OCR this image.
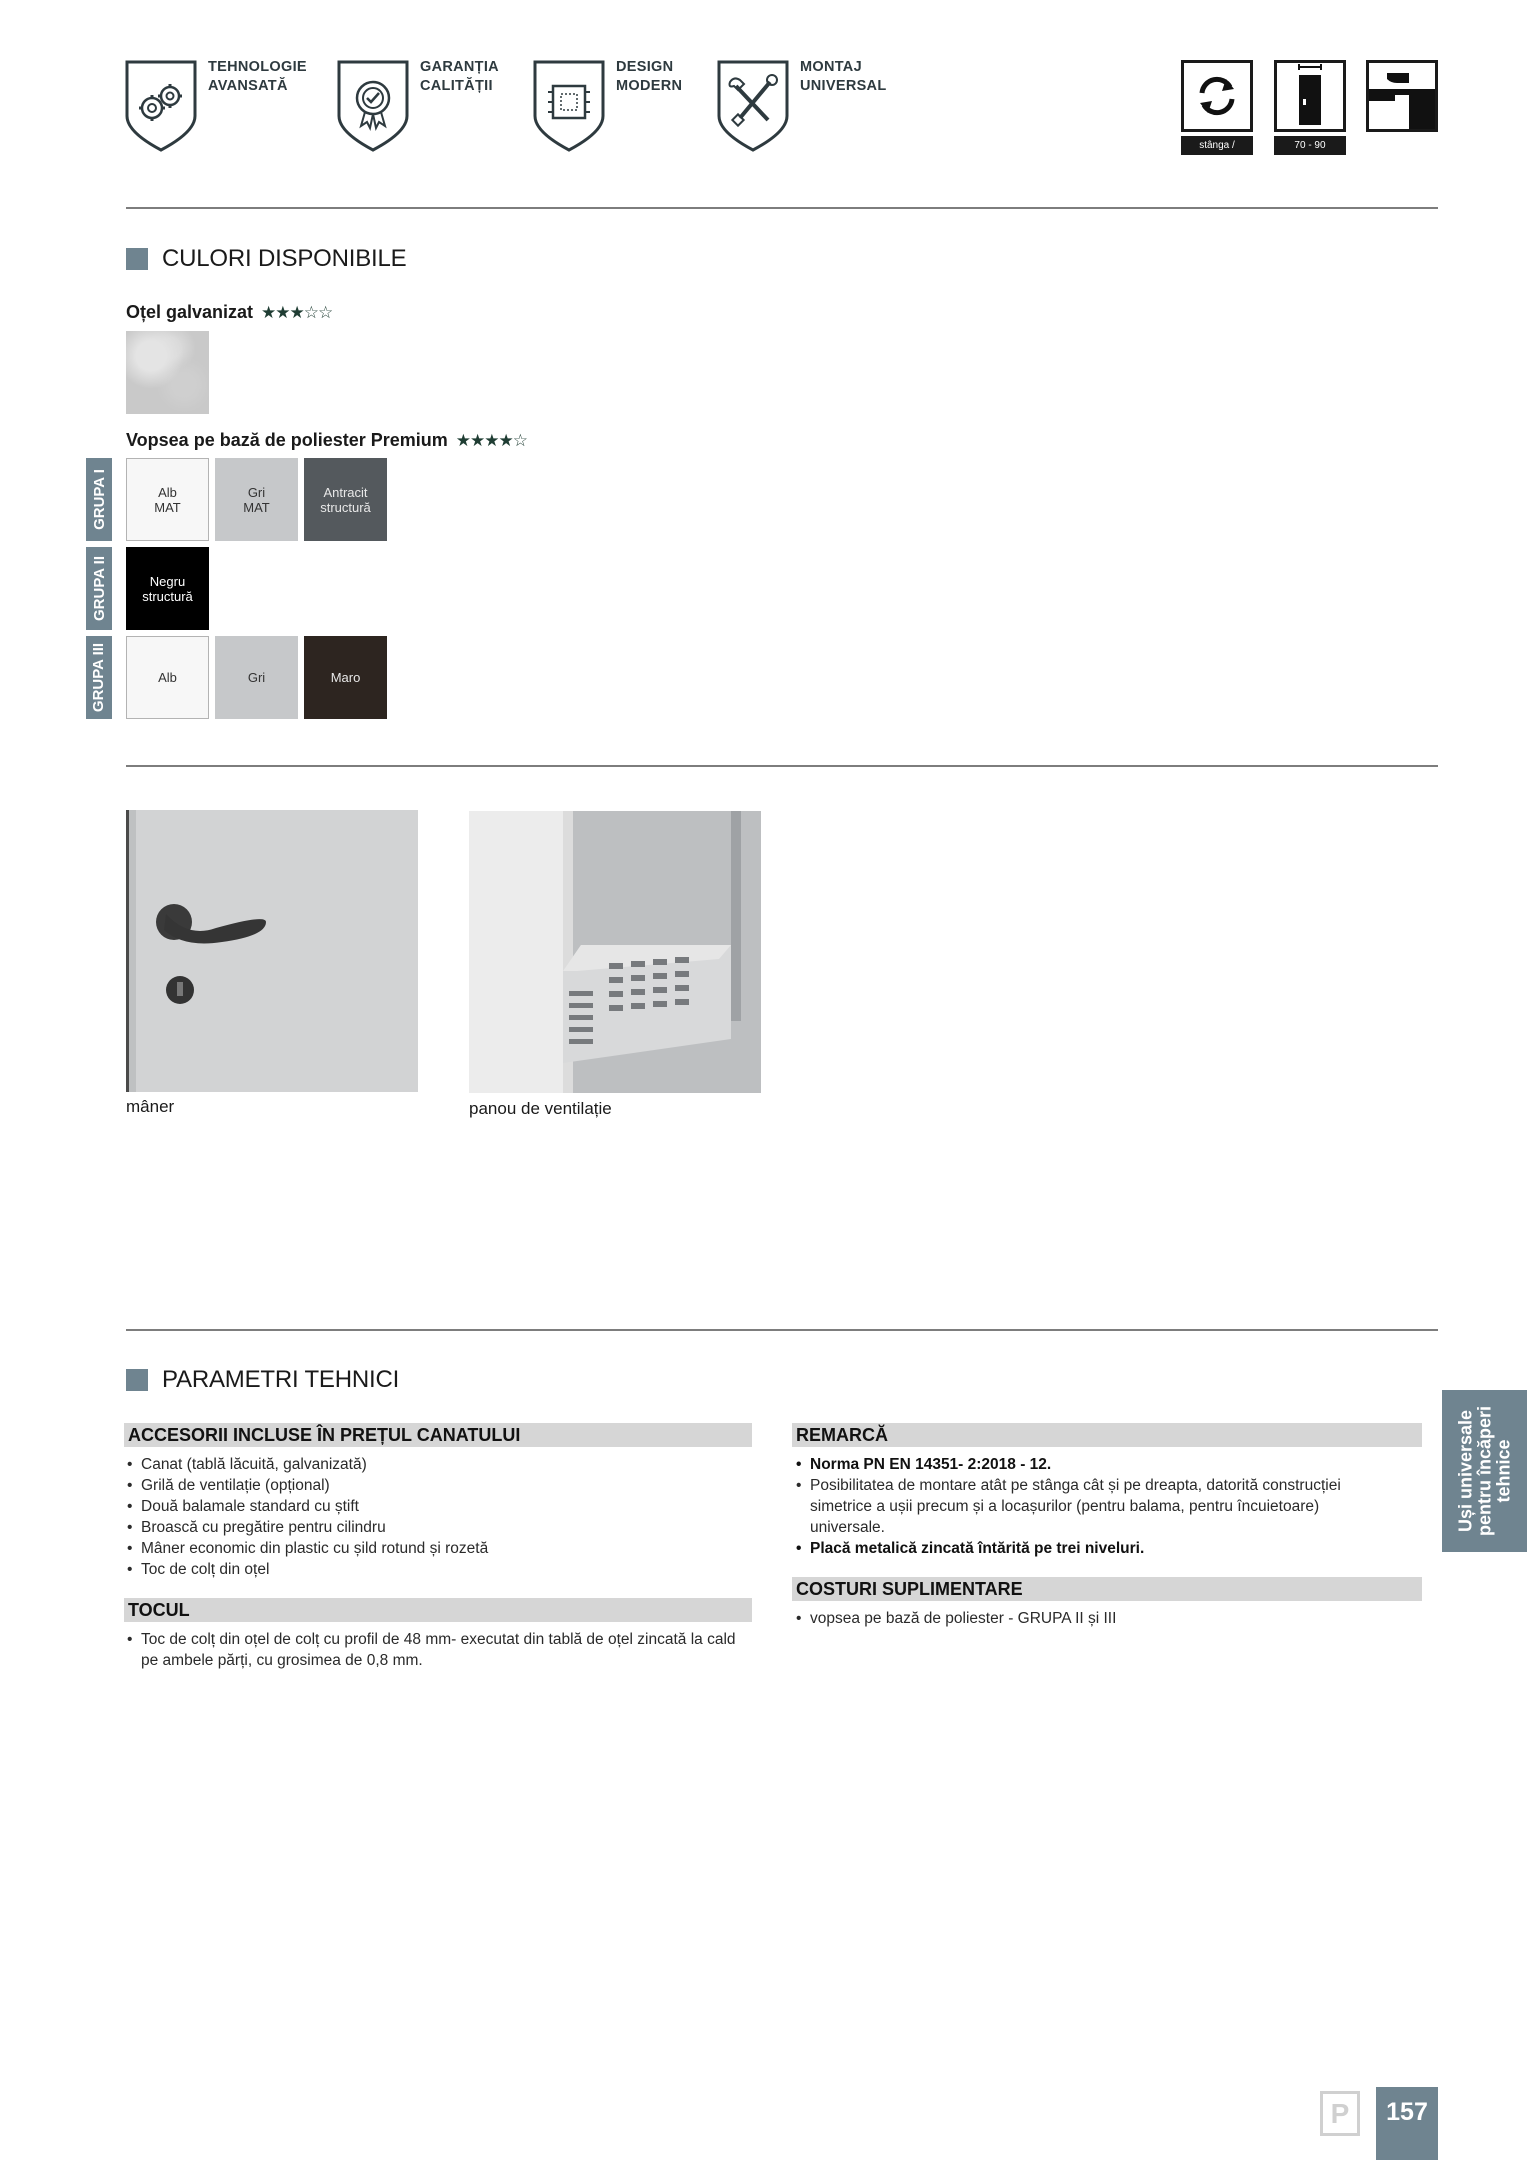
TEHNOLOGIE
AVANSATĂ
GARANȚIA
CALITĂȚII
DESIGN
MODERN
MONTAJ
UNIVERSAL
stânga / dreapta
70 - 90
CULORI DISPONIBILE
Oțel galvanizat ★★★☆☆
Vopsea pe bază de poliester Premium ★★★★☆
GRUPA I
GRUPA II
GRUPA III
Alb
MAT
Gri
MAT
Antracit
structură
Negru
structură
Alb	Gri	Maro
mâner	panou de ventilație
PARAMETRI TEHNICI
ACCESORII INCLUSE ÎN PREȚUL CANATULUI
• Canat (tablă lăcuită, galvanizată)
• Grilă de ventilație (opțional)
• Două balamale standard cu știft
• Broască cu pregătire pentru cilindru
• Mâner economic din plastic cu șild rotund și rozetă
• Toc de colț din oțel
TOCUL
• Toc de colț din oțel de colț cu profil de 48 mm- executat din tablă de oțel zincată la cald pe ambele părți, cu grosimea de 0,8 mm.
REMARCĂ
• Norma PN EN 14351- 2:2018 - 12.
• Posibilitatea de montare atât pe stânga cât și pe dreapta, datorită construcției simetrice a ușii precum și a locașurilor (pentru balama, pentru încuietoare) universale.
• Placă metalică zincată întărită pe trei niveluri.
COSTURI SUPLIMENTARE
• vopsea pe bază de poliester - GRUPA II și III
Uși universale pentru încăperi tehnice
P	157
